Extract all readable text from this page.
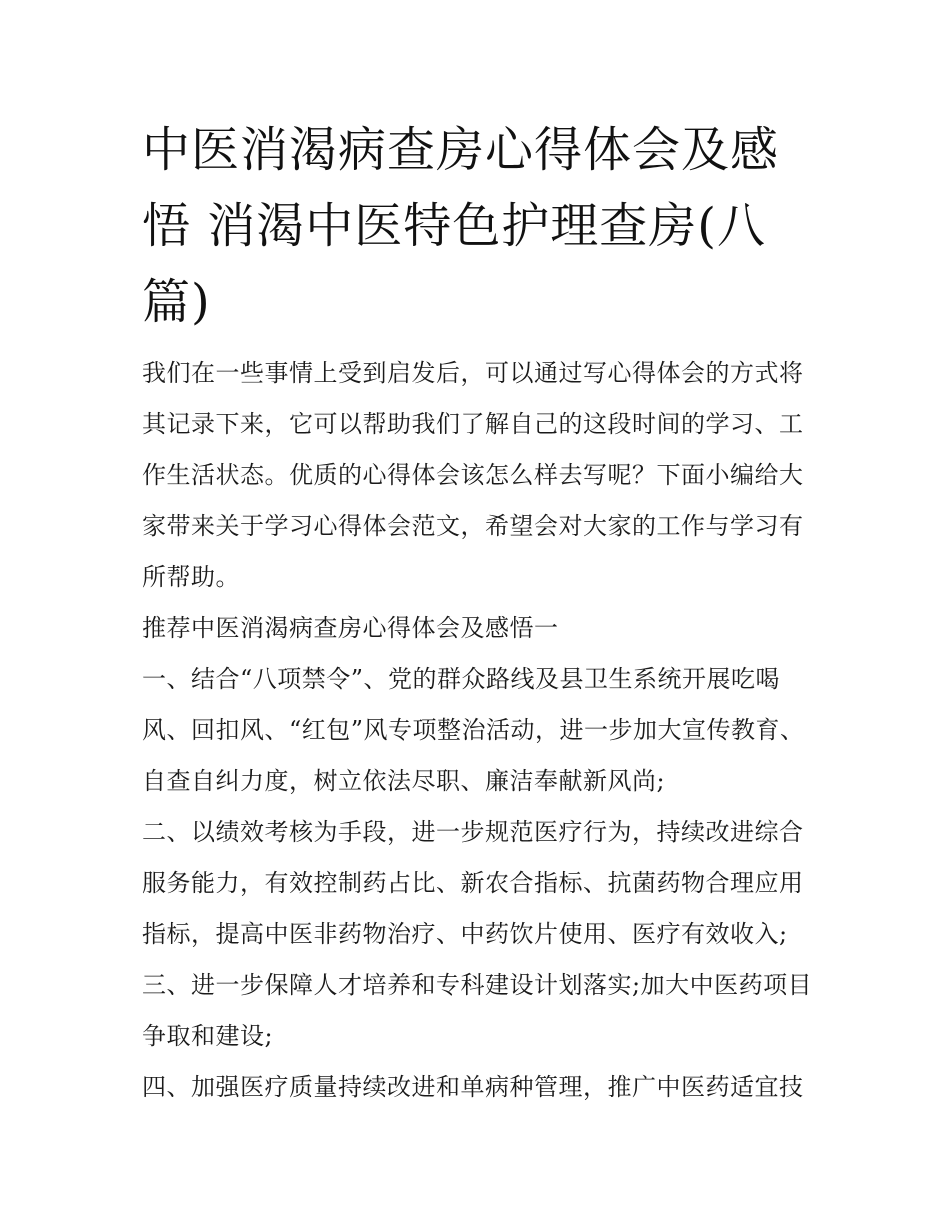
中医消渴病查房心得体会及感悟 消渴中医特色护理查房(八篇)

我们在一些事情上受到启发后，可以通过写心得体会的方式将其记录下来，它可以帮助我们了解自己的这段时间的学习、工作生活状态。优质的心得体会该怎么样去写呢？下面小编给大家带来关于学习心得体会范文，希望会对大家的工作与学习有所帮助。

推荐中医消渴病查房心得体会及感悟一

一、结合“八项禁令”、党的群众路线及县卫生系统开展吃喝风、回扣风、“红包”风专项整治活动，进一步加大宣传教育、自查自纠力度，树立依法尽职、廉洁奉献新风尚;

二、以绩效考核为手段，进一步规范医疗行为，持续改进综合服务能力，有效控制药占比、新农合指标、抗菌药物合理应用指标，提高中医非药物治疗、中药饮片使用、医疗有效收入;

三、进一步保障人才培养和专科建设计划落实;加大中医药项目争取和建设;

四、加强医疗质量持续改进和单病种管理，推广中医药适宜技
